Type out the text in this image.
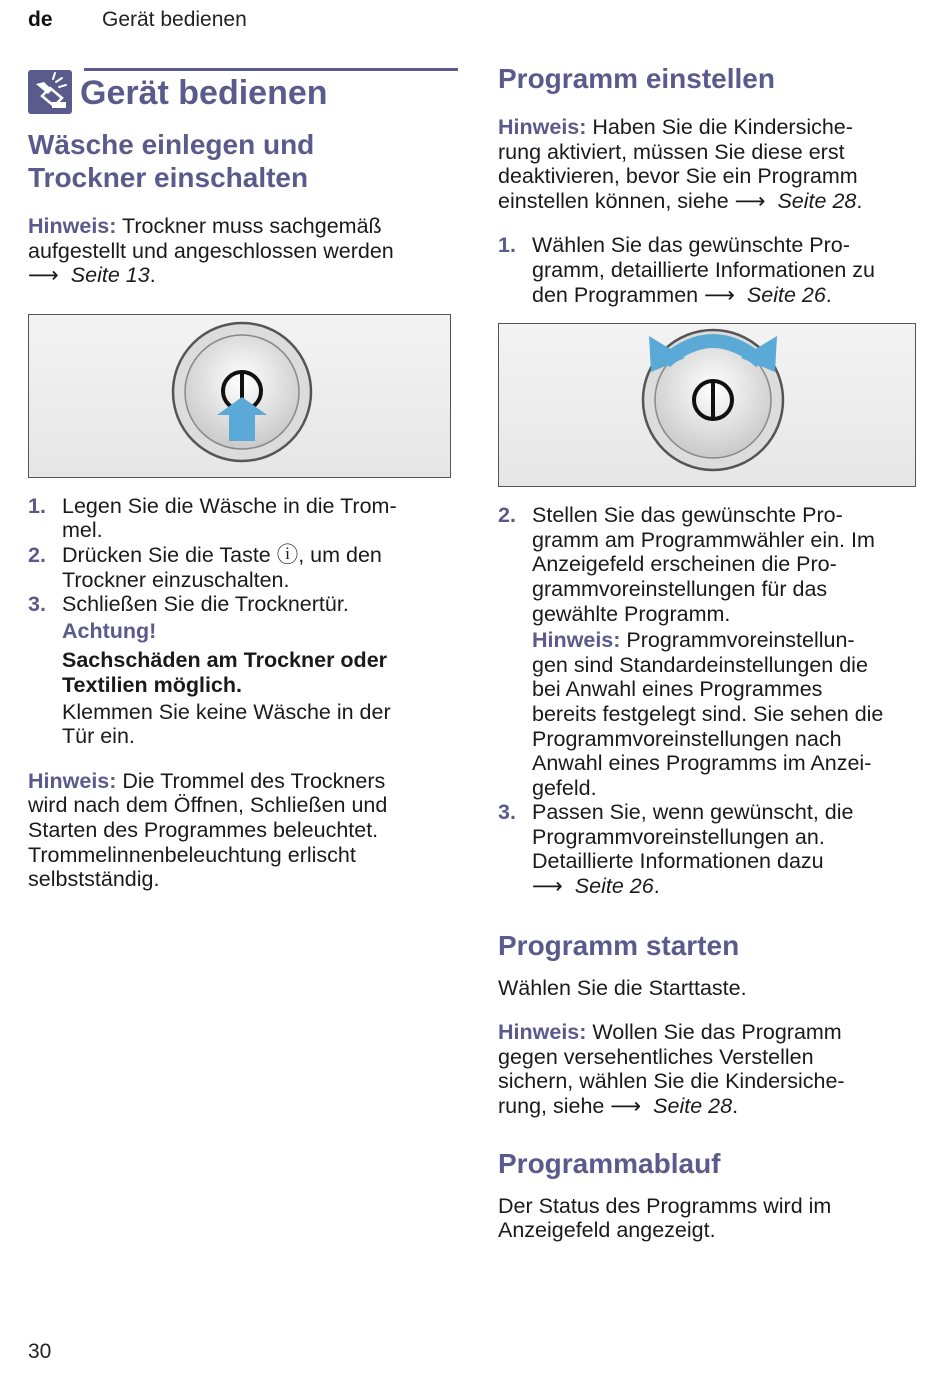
de Gerät bedienen
Gerät bedienen
Wäsche einlegen und
Trockner einschalten
Hinweis: Trockner muss sachgemäß
aufgestellt und angeschlossen werden
⟶ Seite 13.
1. Legen Sie die Wäsche in die Trom-
mel.
2. Drücken Sie die Taste ⓘ, um den
Trockner einzuschalten.
3. Schließen Sie die Trocknertür.
Achtung!
Sachschäden am Trockner oder
Textilien möglich.
Klemmen Sie keine Wäsche in der
Tür ein.
Hinweis: Die Trommel des Trockners
wird nach dem Öffnen, Schließen und
Starten des Programmes beleuchtet.
Trommelinnenbeleuchtung erlischt
selbstständig.
Programm einstellen
Hinweis: Haben Sie die Kindersiche-
rung aktiviert, müssen Sie diese erst
deaktivieren, bevor Sie ein Programm
einstellen können, siehe ⟶ Seite 28.
1. Wählen Sie das gewünschte Pro-
gramm, detaillierte Informationen zu
den Programmen ⟶ Seite 26.
2. Stellen Sie das gewünschte Pro-
gramm am Programmwähler ein. Im
Anzeigefeld erscheinen die Pro-
grammvoreinstellungen für das
gewählte Programm.
Hinweis: Programmvoreinstellun-
gen sind Standardeinstellungen die
bei Anwahl eines Programmes
bereits festgelegt sind. Sie sehen die
Programmvoreinstellungen nach
Anwahl eines Programms im Anzei-
gefeld.
3. Passen Sie, wenn gewünscht, die
Programmvoreinstellungen an.
Detaillierte Informationen dazu
⟶ Seite 26.
Programm starten
Wählen Sie die Starttaste.
Hinweis: Wollen Sie das Programm
gegen versehentliches Verstellen
sichern, wählen Sie die Kindersiche-
rung, siehe ⟶ Seite 28.
Programmablauf
Der Status des Programms wird im
Anzeigefeld angezeigt.
30
